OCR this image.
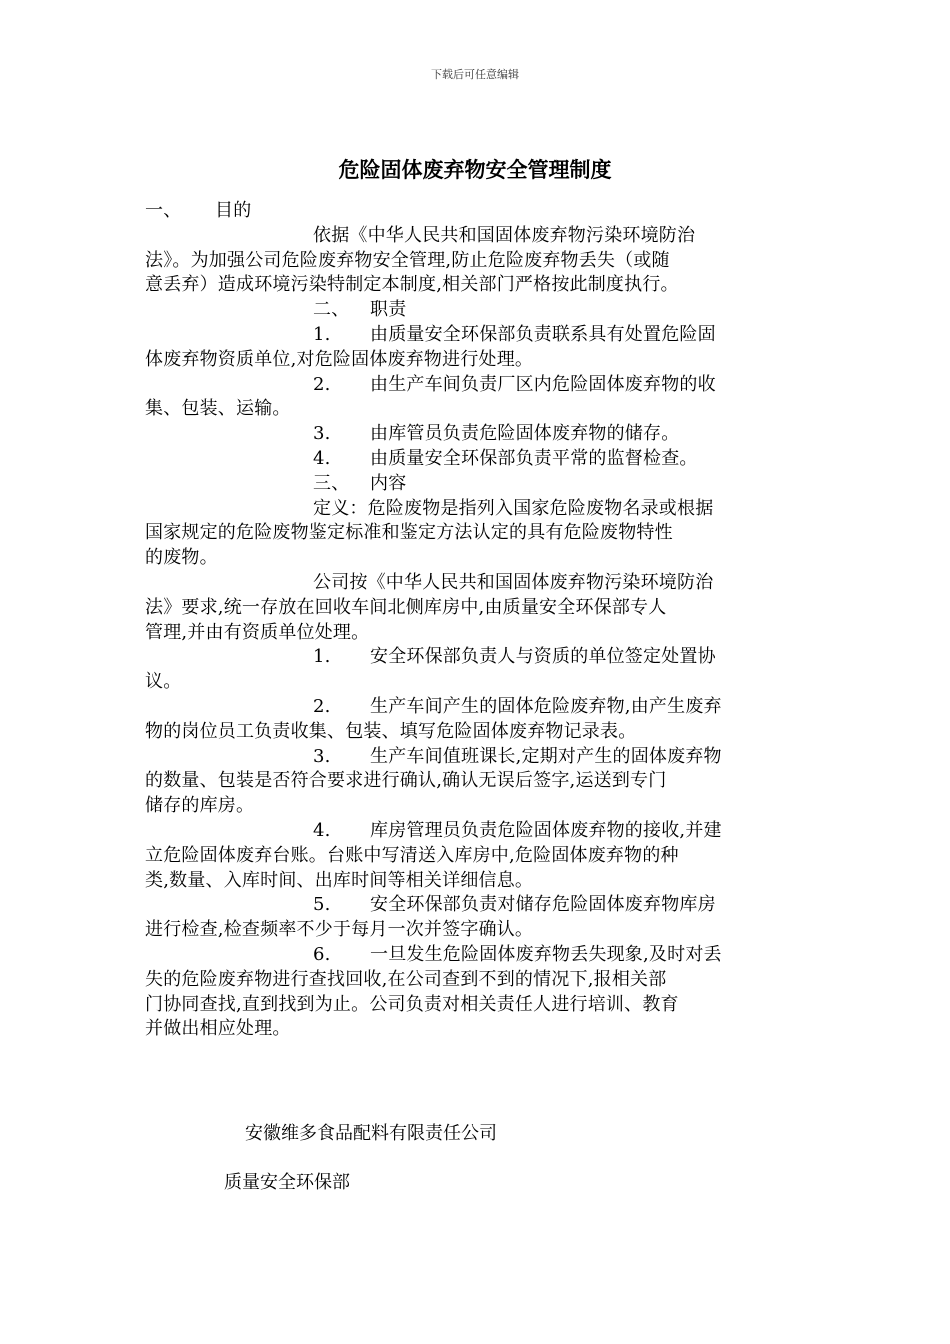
下载后可任意编辑
危险固体废弃物安全管理制度
一、 目的
依据《中华人民共和国固体废弃物污染环境防治
法》。为加强公司危险废弃物安全管理,防止危险废弃物丢失（或随
意丢弃）造成环境污染特制定本制度,相关部门严格按此制度执行。
二、 职责
1. 由质量安全环保部负责联系具有处置危险固
体废弃物资质单位,对危险固体废弃物进行处理。
2. 由生产车间负责厂区内危险固体废弃物的收
集、包装、运输。
3. 由库管员负责危险固体废弃物的储存。
4. 由质量安全环保部负责平常的监督检查。
三、 内容
定义：危险废物是指列入国家危险废物名录或根据
国家规定的危险废物鉴定标准和鉴定方法认定的具有危险废物特性
的废物。
公司按《中华人民共和国固体废弃物污染环境防治
法》要求,统一存放在回收车间北侧库房中,由质量安全环保部专人
管理,并由有资质单位处理。
1. 安全环保部负责人与资质的单位签定处置协
议。
2. 生产车间产生的固体危险废弃物,由产生废弃
物的岗位员工负责收集、包装、填写危险固体废弃物记录表。
3. 生产车间值班课长,定期对产生的固体废弃物
的数量、包装是否符合要求进行确认,确认无误后签字,运送到专门
储存的库房。
4. 库房管理员负责危险固体废弃物的接收,并建
立危险固体废弃台账。台账中写清送入库房中,危险固体废弃物的种
类,数量、入库时间、出库时间等相关详细信息。
5. 安全环保部负责对储存危险固体废弃物库房
进行检查,检查频率不少于每月一次并签字确认。
6. 一旦发生危险固体废弃物丢失现象,及时对丢
失的危险废弃物进行查找回收,在公司查到不到的情况下,报相关部
门协同查找,直到找到为止。公司负责对相关责任人进行培训、教育
并做出相应处理。
安徽维多食品配料有限责任公司
质量安全环保部
